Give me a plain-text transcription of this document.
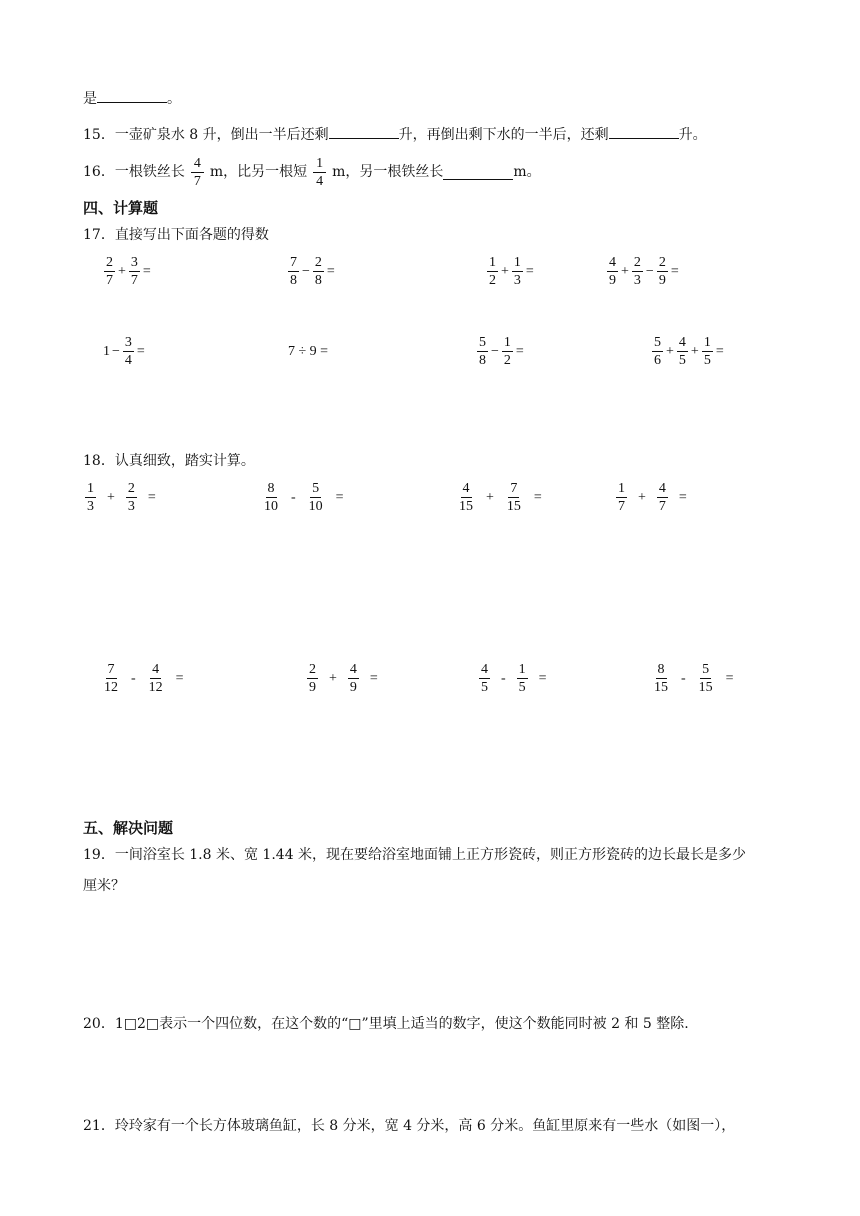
是	。
15．一壶矿泉水 8 升，倒出一半后还剩	升，再倒出剩下水的一半后，还剩	升。
16． 一根铁丝长 $\frac{4}{7}$ m，比另一根短 $\frac{1}{4}$ m，另一根铁丝长	m。
四、计算题
17．直接写出下面各题的得数
$\frac{2}{7} + \frac{3}{7}$ =	$\frac{7}{8} - \frac{2}{8}$ =	$\frac{1}{2} + \frac{1}{3}$ =	$\frac{4}{9} + \frac{2}{3} - \frac{2}{9}$ =
$1 - \frac{3}{4}$ =	7 ÷ 9 =	$\frac{5}{8} - \frac{1}{2}$ =	$\frac{5}{6} + \frac{4}{5} + \frac{1}{5}$ =
18．认真细致，踏实计算。
$\frac{1}{3} + \frac{2}{3}$ =	$\frac{8}{10} - \frac{5}{10}$ =	$\frac{4}{15} + \frac{7}{15}$ =	$\frac{1}{7} + \frac{4}{7}$ =
$\frac{7}{12} - \frac{4}{12}$ =	$\frac{2}{9} + \frac{4}{9}$ =	$\frac{4}{5} - \frac{1}{5}$ =	$\frac{8}{15} - \frac{5}{15}$ =
五、解决问题
19．一间浴室长 1.8 米、宽 1.44 米，现在要给浴室地面铺上正方形瓷砖，则正方形瓷砖的边长最长是多少
厘米？
20．1□2□表示一个四位数，在这个数的“□”里填上适当的数字，使这个数能同时被 2 和 5 整除.
21．玲玲家有一个长方体玻璃鱼缸，长 8 分米，宽 4 分米，高 6 分米。鱼缸里原来有一些水（如图一），
